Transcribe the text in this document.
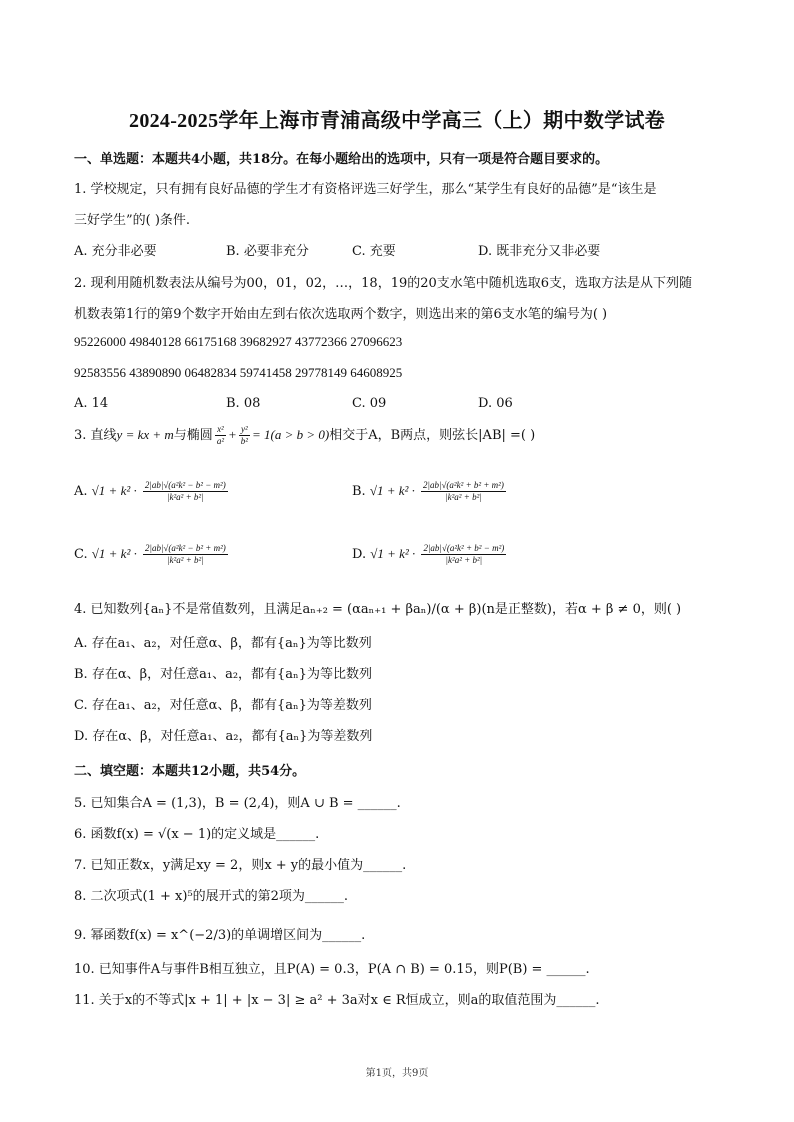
2024-2025学年上海市青浦高级中学高三（上）期中数学试卷
一、单选题：本题共4小题，共18分。在每小题给出的选项中，只有一项是符合题目要求的。
1. 学校规定，只有拥有良好品德的学生才有资格评选三好学生，那么“某学生有良好的品德”是“该生是
三好学生”的( )条件.
A. 充分非必要	B. 必要非充分	C. 充要	D. 既非充分又非必要
2. 现利用随机数表法从编号为00，01，02，…，18，19的20支水笔中随机选取6支，选取方法是从下列随
机数表第1行的第9个数字开始由左到右依次选取两个数字，则选出来的第6支水笔的编号为( )
95226000 49840128 66175168 39682927 43772366 27096623
92583556 43890890 06482834 59741458 29778149 64608925
A. 14	B. 08	C. 09	D. 06
3. 直线y = kx + m与椭圆 $\frac{\text{x²}}{\text{a²}} + \frac{\text{y²}}{\text{b²}} = 1(a > b > 0)$相交于A，B两点，则弦长|AB| =( )
A. $√1 + k^2 \cdot \frac{\text{2|ab|√(a²k² − b² − m²)}}{\text{|k²a² + b²|}}$	B. $√1 + k^2 \cdot \frac{\text{2|ab|√(a²k² + b² + m²)}}{\text{|k²a² + b²|}}$
C. $√1 + k^2 \cdot \frac{\text{2|ab|√(a²k² − b² + m²)}}{\text{|k²a² + b²|}}$	D. $√1 + k^2 \cdot \frac{\text{2|ab|√(a²k² + b² − m²)}}{\text{|k²a² + b²|}}$
4. 已知数列{aₙ}不是常值数列，且满足aₙ₊₂ = (αaₙ₊₁ + βaₙ)/(α + β)(n是正整数)，若α + β ≠ 0，则( )
A. 存在a₁、a₂，对任意α、β，都有{aₙ}为等比数列
B. 存在α、β，对任意a₁、a₂，都有{aₙ}为等比数列
C. 存在a₁、a₂，对任意α、β，都有{aₙ}为等差数列
D. 存在α、β，对任意a₁、a₂，都有{aₙ}为等差数列
二、填空题：本题共12小题，共54分。
5. 已知集合A = (1,3)，B = (2,4)，则A ∪ B = ______.
6. 函数f(x) = √(x − 1)的定义域是______.
7. 已知正数x，y满足xy = 2，则x + y的最小值为______.
8. 二次项式(1 + x)⁵的展开式的第2项为______.
9. 幂函数f(x) = x^(−2/3)的单调增区间为______.
10. 已知事件A与事件B相互独立，且P(A) = 0.3，P(A ∩ B) = 0.15，则P(B) = ______.
11. 关于x的不等式|x + 1| + |x − 3| ≥ a² + 3a对x ∈ R恒成立，则a的取值范围为______.
第1页，共9页
